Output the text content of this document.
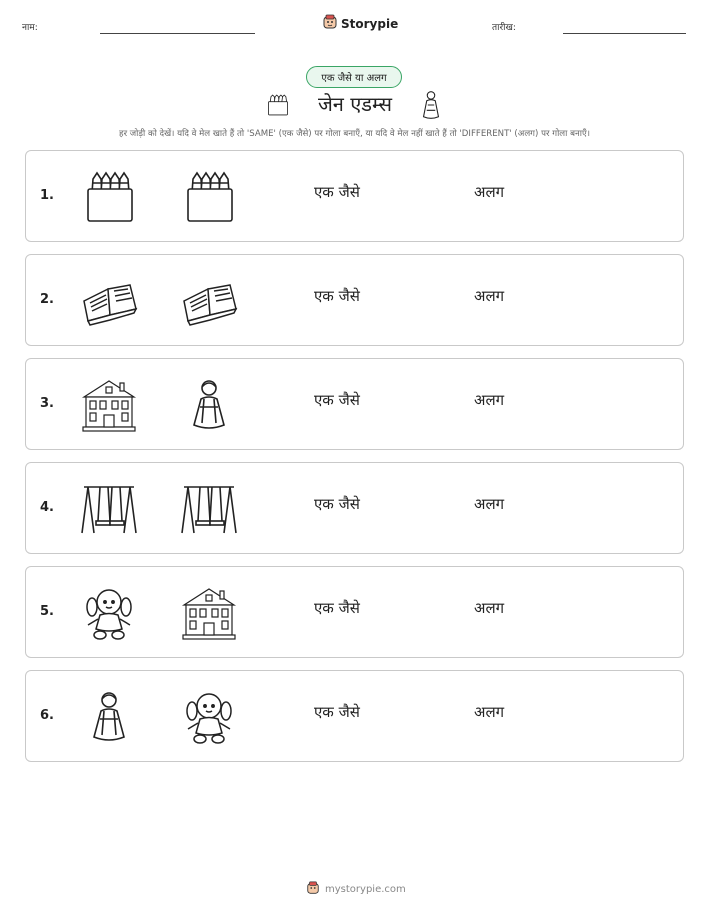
नाम:	Storypie	तारीख:
एक जैसे या अलग
जेन एडम्स
हर जोड़ी को देखें। यदि वे मेल खाते हैं तो 'SAME' (एक जैसे) पर गोला बनाएँ, या यदि वे मेल नहीं खाते हैं तो 'DIFFERENT' (अलग) पर गोला बनाएँ।
1.	एक जैसे	अलग
2.	एक जैसे	अलग
3.	एक जैसे	अलग
4.	एक जैसे	अलग
5.	एक जैसे	अलग
6.	एक जैसे	अलग
mystorypie.com
